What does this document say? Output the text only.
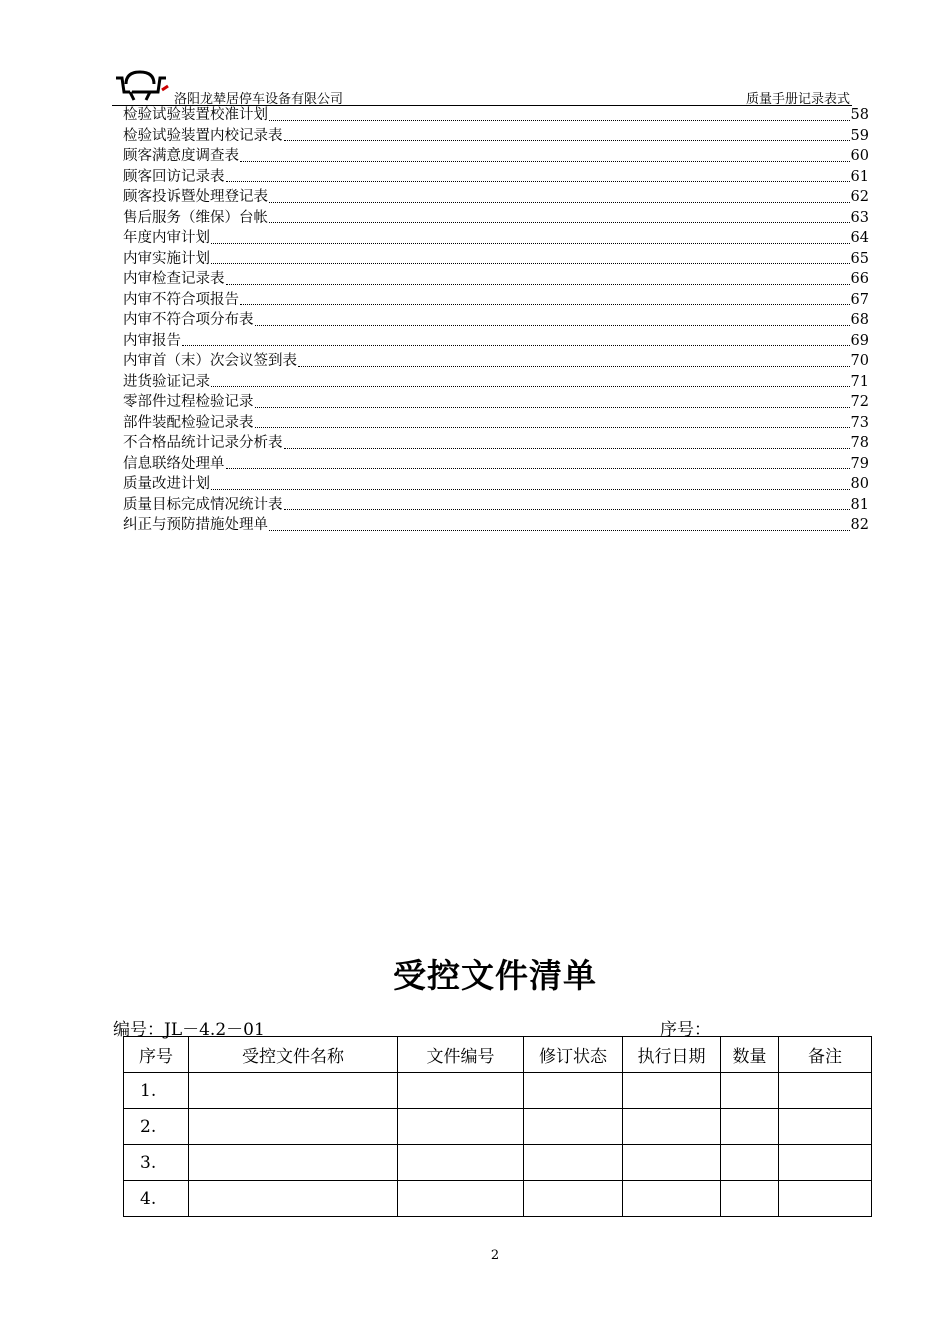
洛阳龙辇居停车设备有限公司	质量手册记录表式
检验试验装置校准计划	58
检验试验装置内校记录表	59
顾客满意度调查表	60
顾客回访记录表	61
顾客投诉暨处理登记表	62
售后服务（维保）台帐	63
年度内审计划	64
内审实施计划	65
内审检查记录表	66
内审不符合项报告	67
内审不符合项分布表	68
内审报告	69
内审首（末）次会议签到表	70
进货验证记录	71
零部件过程检验记录	72
部件装配检验记录表	73
不合格品统计记录分析表	78
信息联络处理单	79
质量改进计划	80
质量目标完成情况统计表	81
纠正与预防措施处理单	82
受控文件清单
编号：JL－4.2－01	序号：
序号	受控文件名称	文件编号	修订状态	执行日期	数量	备注
1.						
2.						
3.						
4.						
2
